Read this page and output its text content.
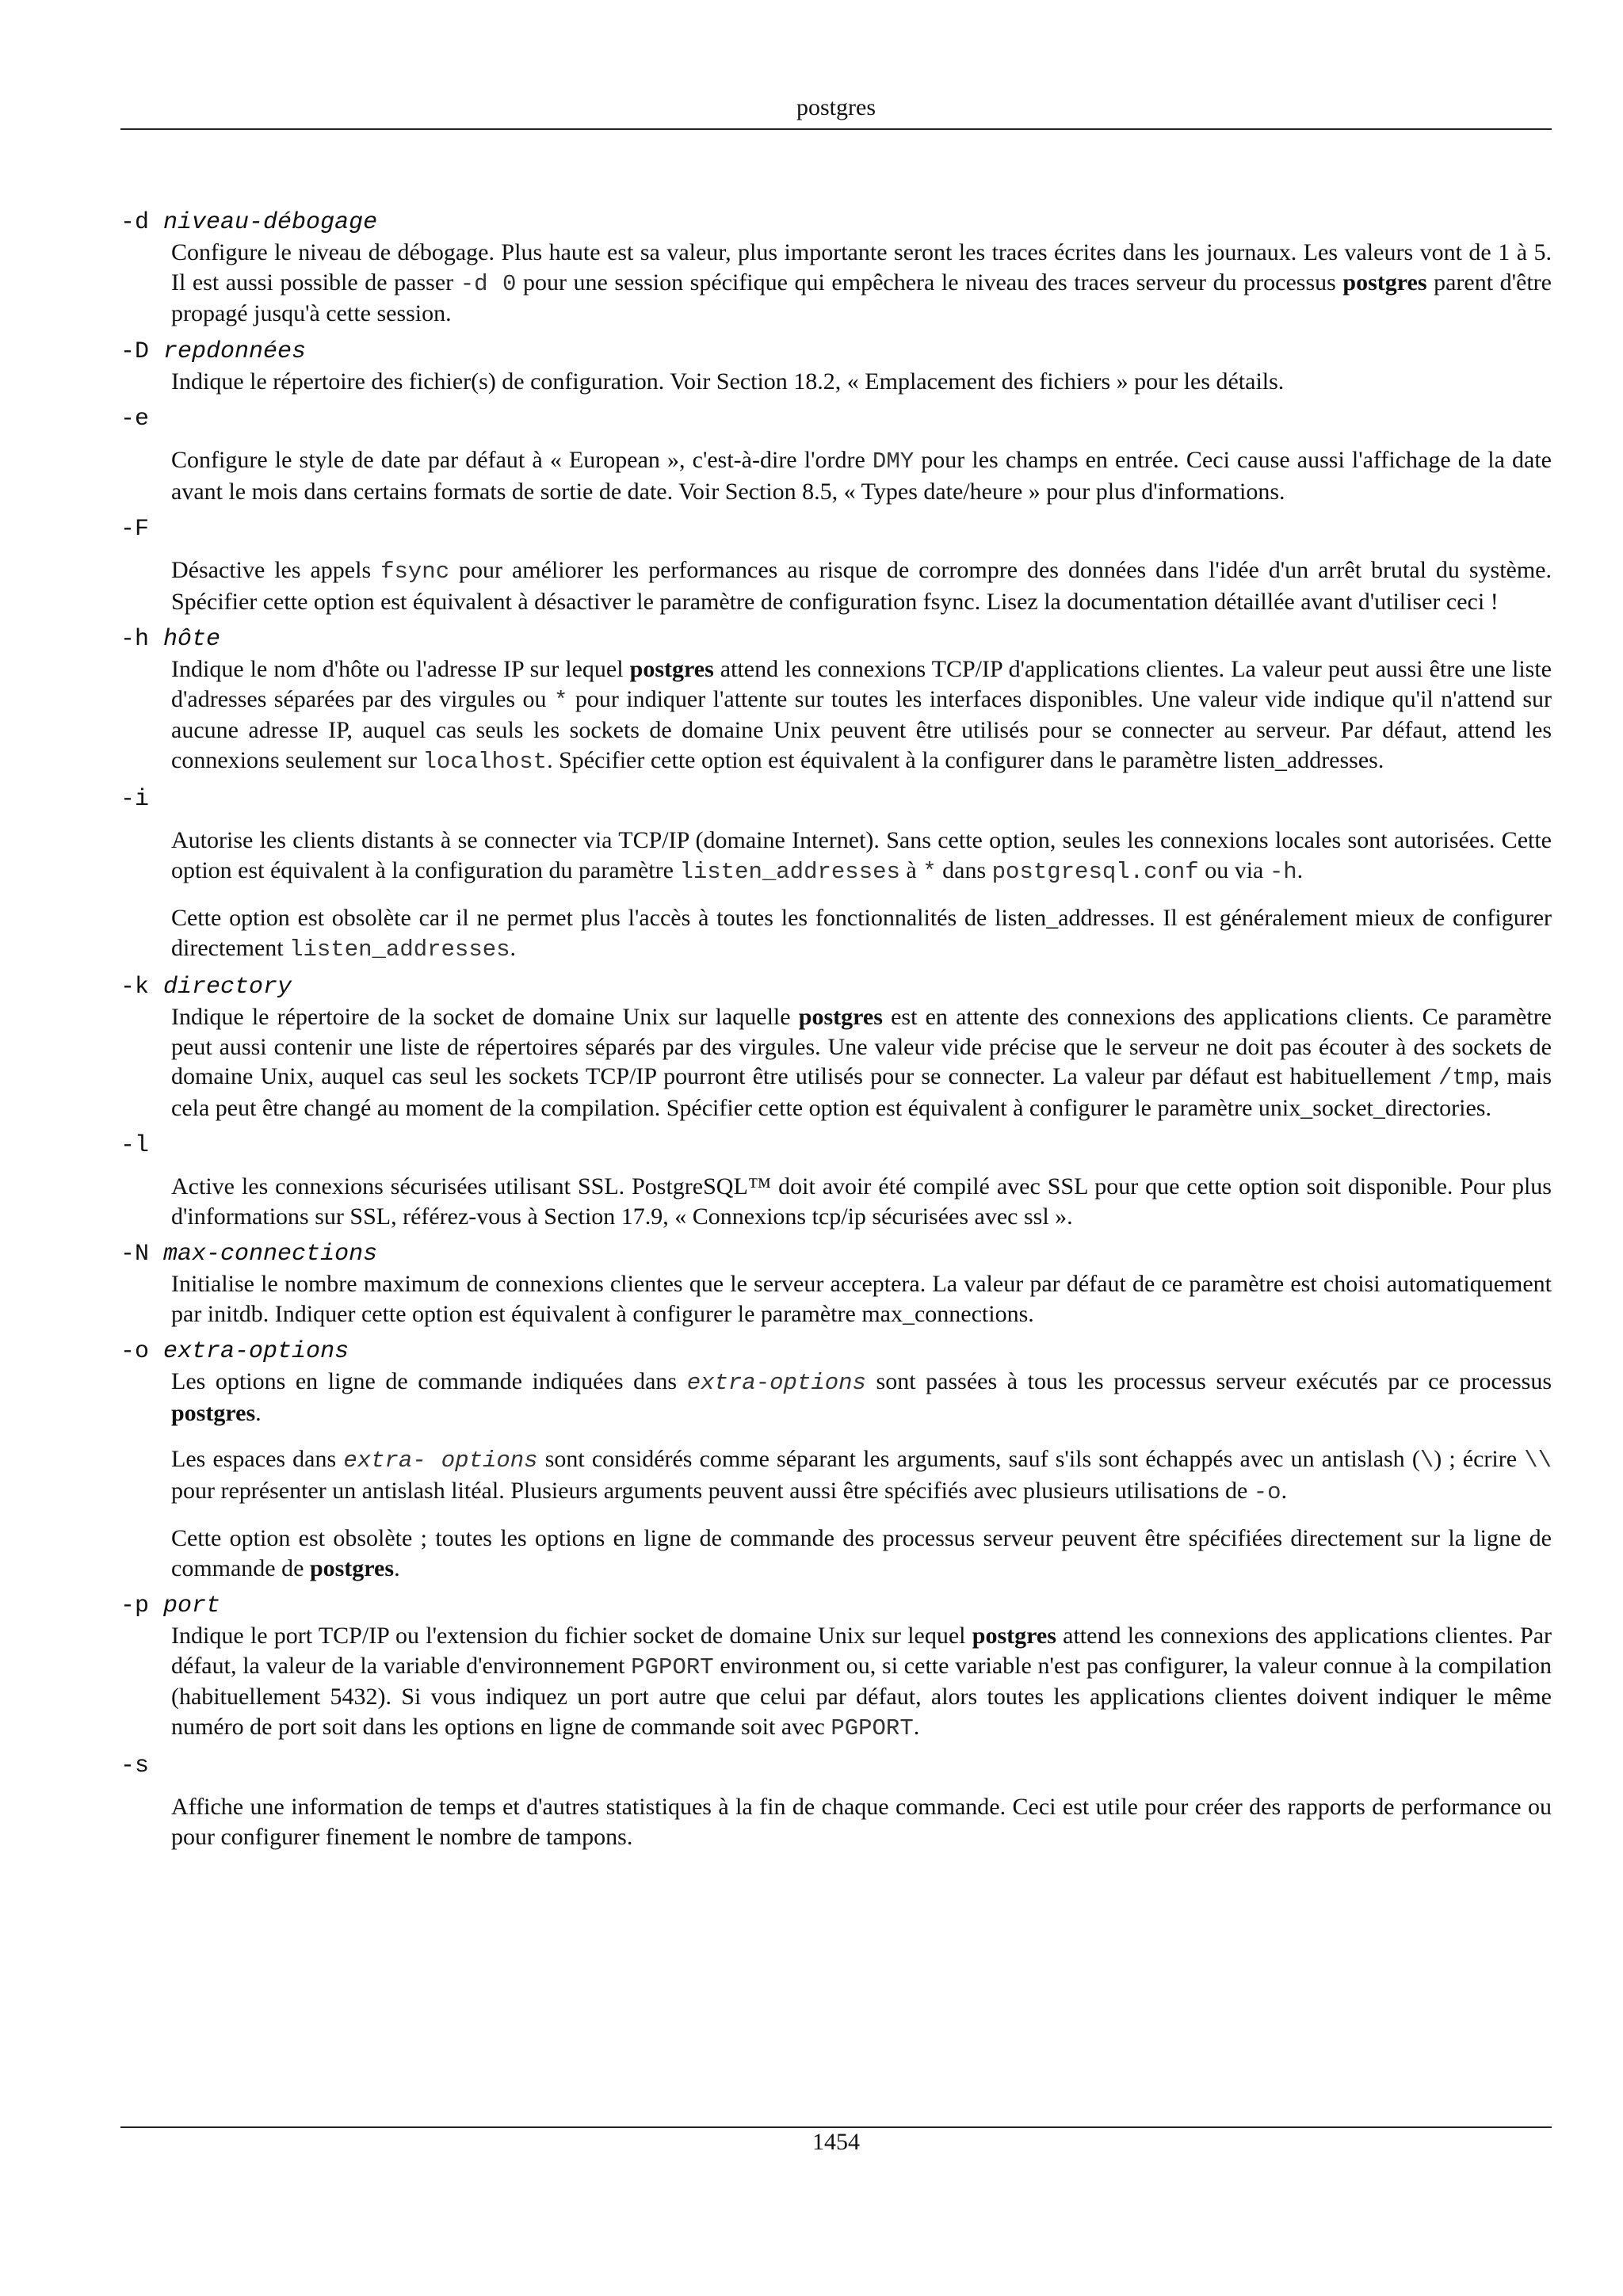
postgres
-d niveau-débogage

Configure le niveau de débogage. Plus haute est sa valeur, plus importante seront les traces écrites dans les journaux. Les valeurs vont de 1 à 5. Il est aussi possible de passer -d 0 pour une session spécifique qui empêchera le niveau des traces serveur du processus postgres parent d'être propagé jusqu'à cette session.

-D repdonnées

Indique le répertoire des fichier(s) de configuration. Voir Section 18.2, « Emplacement des fichiers » pour les détails.

-e

Configure le style de date par défaut à « European », c'est-à-dire l'ordre DMY pour les champs en entrée. Ceci cause aussi l'affichage de la date avant le mois dans certains formats de sortie de date. Voir Section 8.5, « Types date/heure » pour plus d'informations.

-F

Désactive les appels fsync pour améliorer les performances au risque de corrompre des données dans l'idée d'un arrêt brutal du système. Spécifier cette option est équivalent à désactiver le paramètre de configuration fsync. Lisez la documentation détaillée avant d'utiliser ceci !

-h hôte

Indique le nom d'hôte ou l'adresse IP sur lequel postgres attend les connexions TCP/IP d'applications clientes. La valeur peut aussi être une liste d'adresses séparées par des virgules ou * pour indiquer l'attente sur toutes les interfaces disponibles. Une valeur vide indique qu'il n'attend sur aucune adresse IP, auquel cas seuls les sockets de domaine Unix peuvent être utilisés pour se connecter au serveur. Par défaut, attend les connexions seulement sur localhost. Spécifier cette option est équivalent à la configurer dans le paramètre listen_addresses.

-i

Autorise les clients distants à se connecter via TCP/IP (domaine Internet). Sans cette option, seules les connexions locales sont autorisées. Cette option est équivalent à la configuration du paramètre listen_addresses à * dans postgresql.conf ou via -h.

Cette option est obsolète car il ne permet plus l'accès à toutes les fonctionnalités de listen_addresses. Il est généralement mieux de configurer directement listen_addresses.

-k directory

Indique le répertoire de la socket de domaine Unix sur laquelle postgres est en attente des connexions des applications clients. Ce paramètre peut aussi contenir une liste de répertoires séparés par des virgules. Une valeur vide précise que le serveur ne doit pas écouter à des sockets de domaine Unix, auquel cas seul les sockets TCP/IP pourront être utilisés pour se connecter. La valeur par défaut est habituellement /tmp, mais cela peut être changé au moment de la compilation. Spécifier cette option est équivalent à configurer le paramètre unix_socket_directories.

-l

Active les connexions sécurisées utilisant SSL. PostgreSQL™ doit avoir été compilé avec SSL pour que cette option soit disponible. Pour plus d'informations sur SSL, référez-vous à Section 17.9, « Connexions tcp/ip sécurisées avec ssl ».

-N max-connections

Initialise le nombre maximum de connexions clientes que le serveur acceptera. La valeur par défaut de ce paramètre est choisi automatiquement par initdb. Indiquer cette option est équivalent à configurer le paramètre max_connections.

-o extra-options

Les options en ligne de commande indiquées dans extra-options sont passées à tous les processus serveur exécutés par ce processus postgres.

Les espaces dans extra- options sont considérés comme séparant les arguments, sauf s'ils sont échappés avec un antislash (\) ; écrire \\ pour représenter un antislash litéal. Plusieurs arguments peuvent aussi être spécifiés avec plusieurs utilisations de -o.

Cette option est obsolète ; toutes les options en ligne de commande des processus serveur peuvent être spécifiées directement sur la ligne de commande de postgres.

-p port

Indique le port TCP/IP ou l'extension du fichier socket de domaine Unix sur lequel postgres attend les connexions des applications clientes. Par défaut, la valeur de la variable d'environnement PGPORT environment ou, si cette variable n'est pas configurer, la valeur connue à la compilation (habituellement 5432). Si vous indiquez un port autre que celui par défaut, alors toutes les applications clientes doivent indiquer le même numéro de port soit dans les options en ligne de commande soit avec PGPORT.

-s

Affiche une information de temps et d'autres statistiques à la fin de chaque commande. Ceci est utile pour créer des rapports de performance ou pour configurer finement le nombre de tampons.

1454
